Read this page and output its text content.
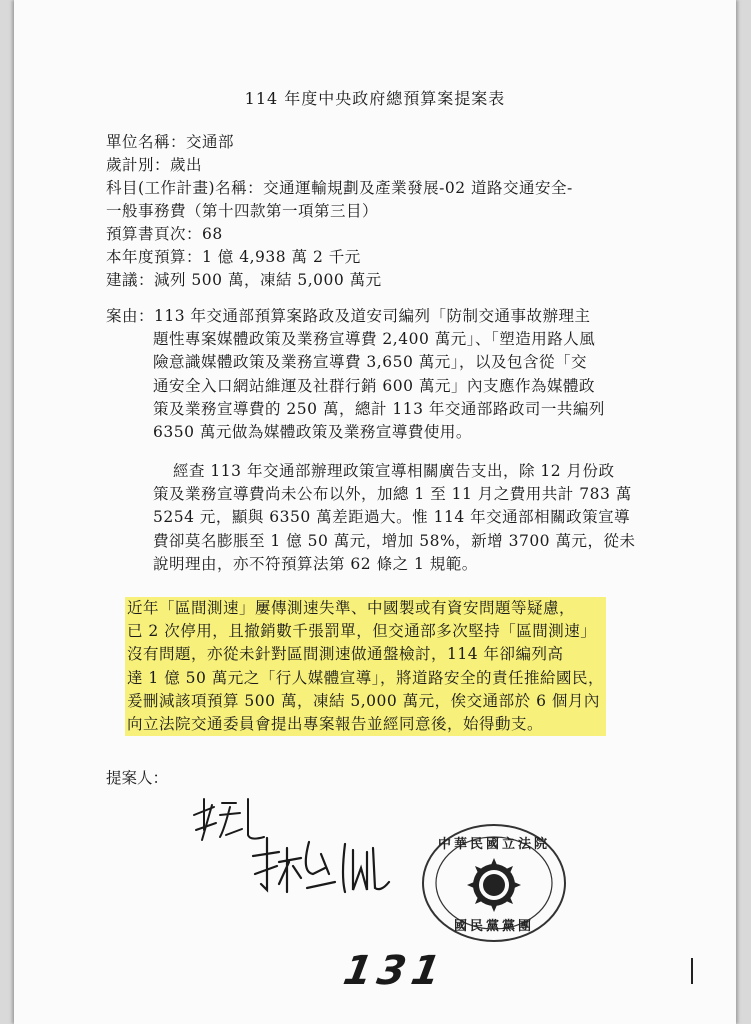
114 年度中央政府總預算案提案表
單位名稱：交通部
歲計別：歲出
科目(工作計畫)名稱：交通運輸規劃及產業發展-02 道路交通安全-
一般事務費（第十四款第一項第三目）
預算書頁次：68
本年度預算：1 億 4,938 萬 2 千元
建議：減列 500 萬，凍結 5,000 萬元
案由：113 年交通部預算案路政及道安司編列「防制交通事故辦理主
題性專案媒體政策及業務宣導費 2,400 萬元」、「塑造用路人風
險意識媒體政策及業務宣導費 3,650 萬元」，以及包含從「交
通安全入口網站維運及社群行銷 600 萬元」內支應作為媒體政
策及業務宣導費的 250 萬，總計 113 年交通部路政司一共編列
6350 萬元做為媒體政策及業務宣導費使用。
經查 113 年交通部辦理政策宣導相關廣告支出，除 12 月份政
策及業務宣導費尚未公布以外，加總 1 至 11 月之費用共計 783 萬
5254 元，顯與 6350 萬差距過大。惟 114 年交通部相關政策宣導
費卻莫名膨脹至 1 億 50 萬元，增加 58%，新增 3700 萬元，從未
說明理由，亦不符預算法第 62 條之 1 規範。
近年「區間測速」屢傳測速失準、中國製或有資安問題等疑慮，
已 2 次停用，且撤銷數千張罰單，但交通部多次堅持「區間測速」
沒有問題，亦從未針對區間測速做通盤檢討，114 年卻編列高
達 1 億 50 萬元之「行人媒體宣導」，將道路安全的責任推給國民，
爰刪減該項預算 500 萬，凍結 5,000 萬元，俟交通部於 6 個月內
向立法院交通委員會提出專案報告並經同意後，始得動支。
提案人：
中華民國立法院
國民黨黨團
131
